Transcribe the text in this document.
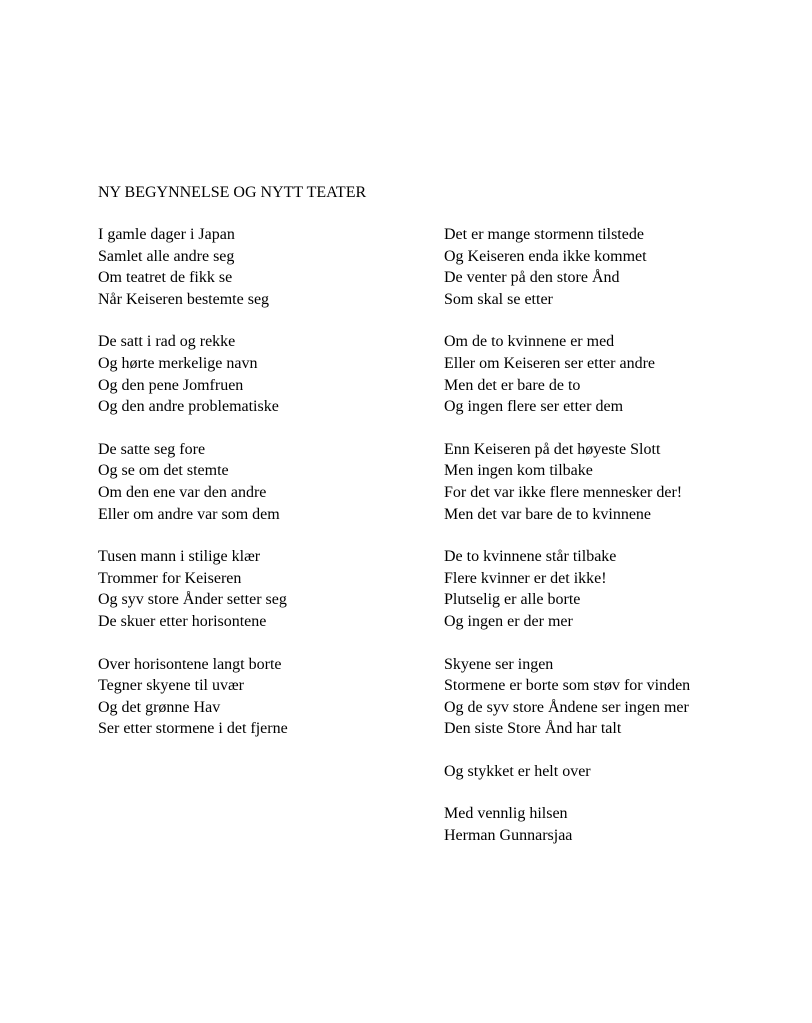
NY BEGYNNELSE OG NYTT TEATER
I gamle dager i Japan
Samlet alle andre seg
Om teatret de fikk se
Når Keiseren bestemte seg
De satt i rad og rekke
Og hørte merkelige navn
Og den pene Jomfruen
Og den andre problematiske
De satte seg fore
Og se om det stemte
Om den ene var den andre
Eller om andre var som dem
Tusen mann i stilige klær
Trommer for Keiseren
Og syv store Ånder setter seg
De skuer etter horisontene
Over horisontene langt borte
Tegner skyene til uvær
Og det grønne Hav
Ser etter stormene i det fjerne
Det er mange stormenn tilstede
Og Keiseren enda ikke kommet
De venter på den store Ånd
Som skal se etter
Om de to kvinnene er med
Eller om Keiseren ser etter andre
Men det er bare de to
Og ingen flere ser etter dem
Enn Keiseren på det høyeste Slott
Men ingen kom tilbake
For det var ikke flere mennesker der!
Men det var bare de to kvinnene
De to kvinnene står tilbake
Flere kvinner er det ikke!
Plutselig er alle borte
Og ingen er der mer
Skyene ser ingen
Stormene er borte som støv for vinden
Og de syv store Åndene ser ingen mer
Den siste Store Ånd har talt
Og stykket er helt over
Med vennlig hilsen
Herman Gunnarsjaa
